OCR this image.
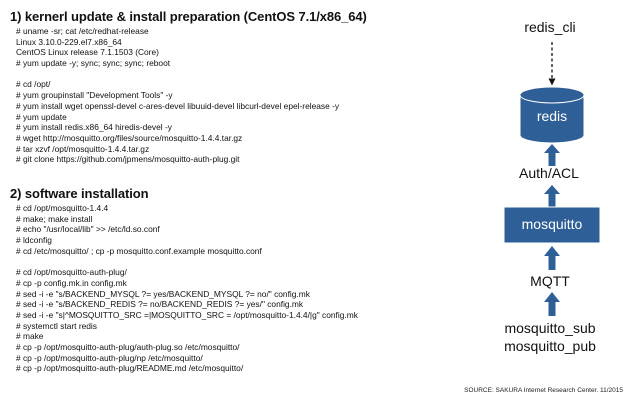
1) kernerl update & install preparation (CentOS 7.1/x86_64)
# uname -sr; cat /etc/redhat-release
Linux 3.10.0-229.el7.x86_64
CentOS Linux release 7.1.1503 (Core)
# yum update -y; sync; sync; sync; reboot
# cd /opt/
# yum groupinstall "Development Tools" -y
# yum install wget openssl-devel c-ares-devel libuuid-devel libcurl-devel epel-release -y
# yum update
# yum install redis.x86_64 hiredis-devel -y
# wget http://mosquitto.org/files/source/mosquitto-1.4.4.tar.gz
# tar xzvf /opt/mosquitto-1.4.4.tar.gz
# git clone https://github.com/jpmens/mosquitto-auth-plug.git
2) software installation
# cd /opt/mosquitto-1.4.4
# make; make install
# echo "/usr/local/lib" >> /etc/ld.so.conf
# ldconfig
# cd /etc/mosquitto/ ; cp -p mosquitto.conf.example mosquitto.conf
# cd /opt/mosquitto-auth-plug/
# cp -p config.mk.in config.mk
# sed -i -e "s/BACKEND_MYSQL ?= yes/BACKEND_MYSQL ?= no/" config.mk
# sed -i -e "s/BACKEND_REDIS ?= no/BACKEND_REDIS ?= yes/" config.mk
# sed -i -e "s|^MOSQUITTO_SRC =|MOSQUITTO_SRC = /opt/mosquitto-1.4.4/|g" config.mk
# systemctl start redis
# make
# cp -p /opt/mosquitto-auth-plug/auth-plug.so /etc/mosquitto/
# cp -p /opt/mosquitto-auth-plug/np /etc/mosquitto/
# cp -p /opt/mosquitto-auth-plug/README.md /etc/mosquitto/
redis_cli
redis
Auth/ACL
mosquitto
MQTT
mosquitto_sub
mosquitto_pub
SOURCE: SAKURA Internet Research Center. 11/2015
